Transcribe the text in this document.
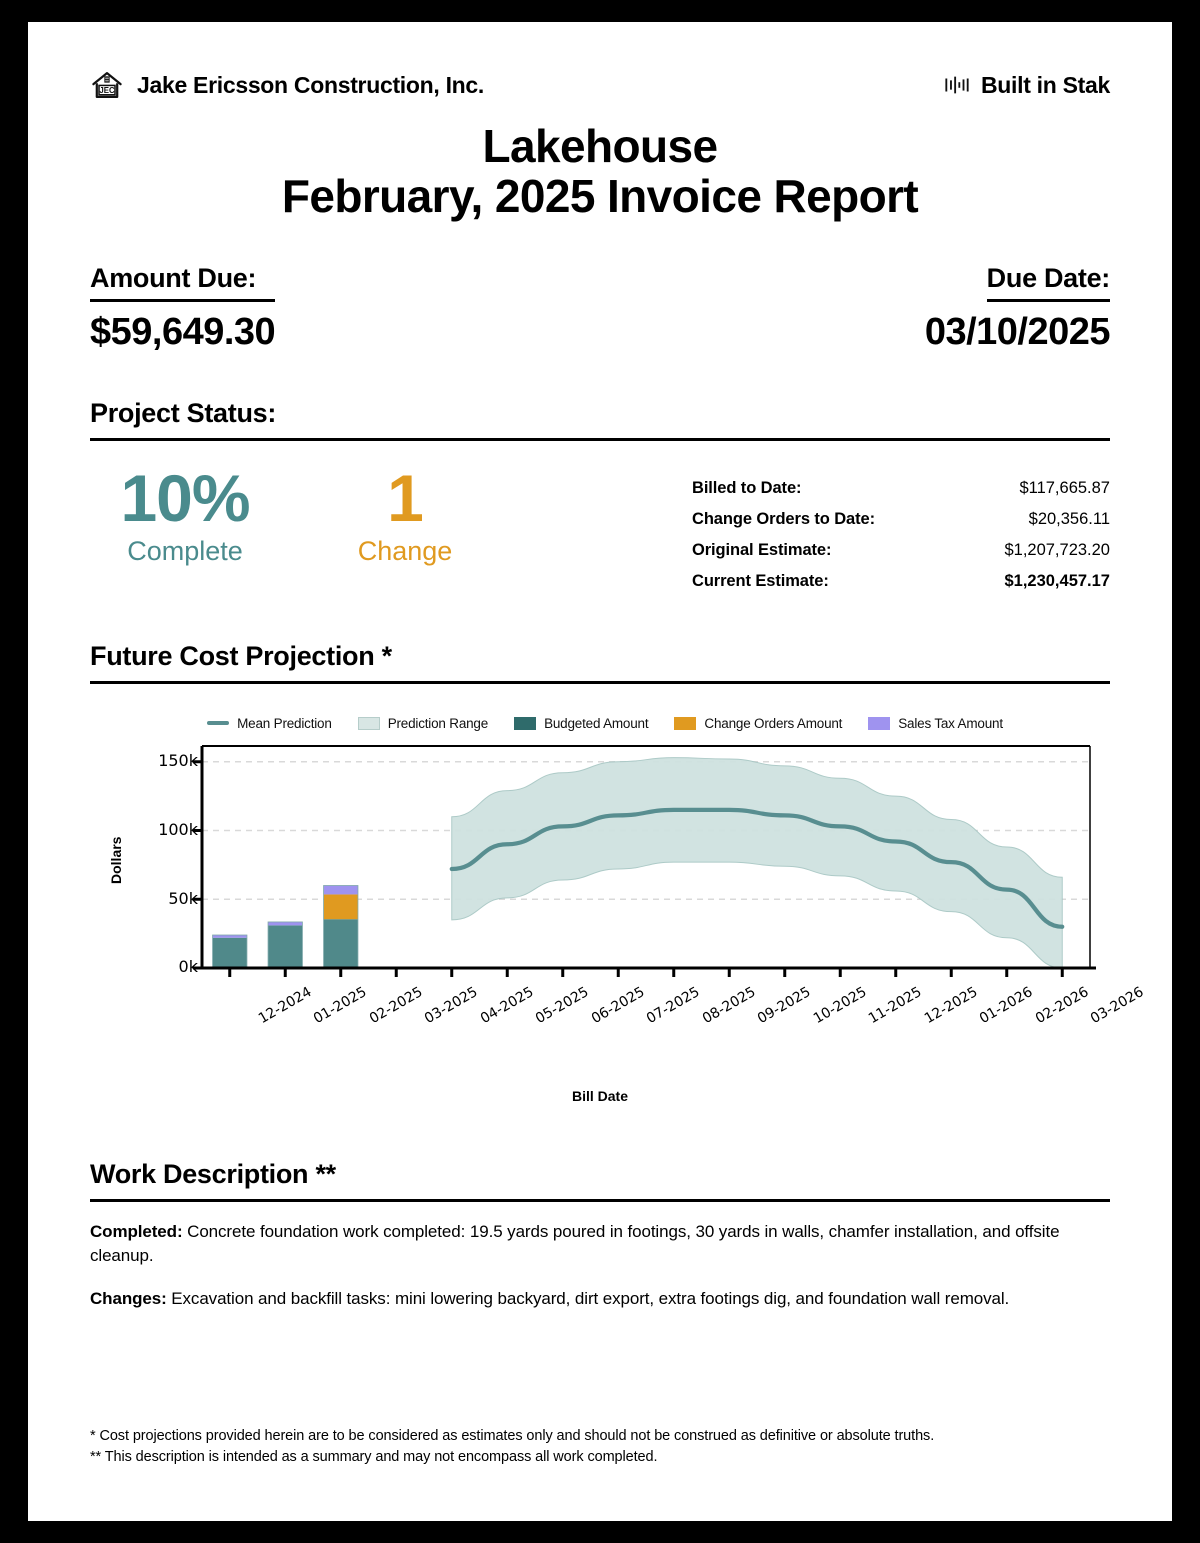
JEC Jake Ericsson Construction, Inc.	Built in Stak
Lakehouse
February, 2025 Invoice Report
Amount Due:
$59,649.30
Due Date:
03/10/2025
Project Status:
10%
Complete
1
Change
Billed to Date:	$117,665.87
Change Orders to Date:	$20,356.11
Original Estimate:	$1,207,723.20
Current Estimate:	$1,230,457.17
Future Cost Projection *
Mean Prediction	Prediction Range	Budgeted Amount	Change Orders Amount	Sales Tax Amount
Dollars
0k
50k
100k
150k
12-2024
01-2025
02-2025
03-2025
04-2025
05-2025
06-2025
07-2025
08-2025
09-2025
10-2025
11-2025
12-2025
01-2026
02-2026
03-2026
Bill Date
Work Description **

Completed: Concrete foundation work completed: 19.5 yards poured in footings, 30 yards in walls, chamfer installation, and offsite cleanup.

Changes: Excavation and backfill tasks: mini lowering backyard, dirt export, extra footings dig, and foundation wall removal.

* Cost projections provided herein are to be considered as estimates only and should not be construed as definitive or absolute truths.
** This description is intended as a summary and may not encompass all work completed.
